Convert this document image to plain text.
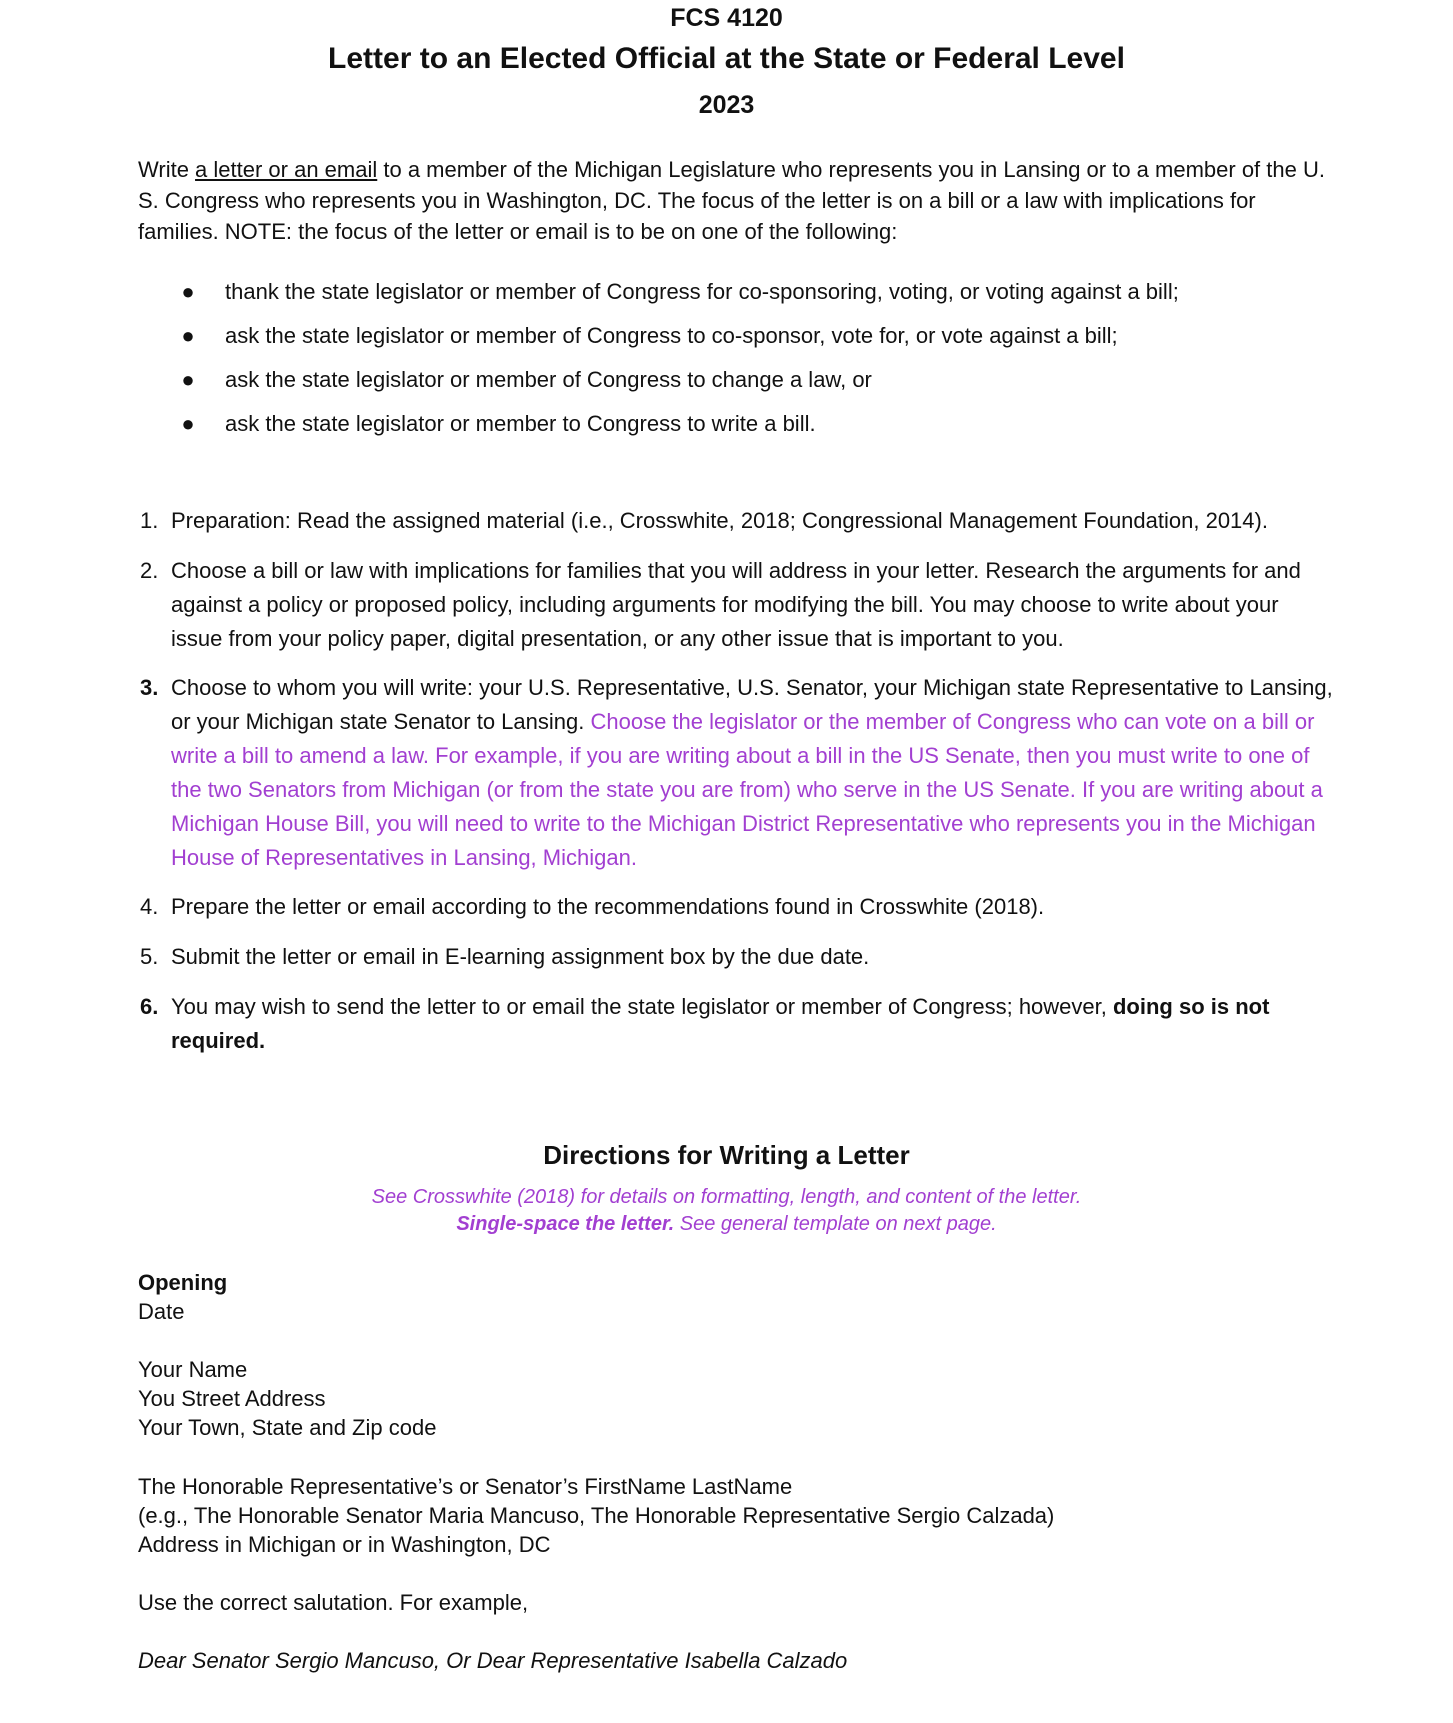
FCS 4120
Letter to an Elected Official at the State or Federal Level
2023

Write a letter or an email to a member of the Michigan Legislature who represents you in Lansing or to a member of the U. S. Congress who represents you in Washington, DC. The focus of the letter is on a bill or a law with implications for families. NOTE: the focus of the letter or email is to be on one of the following:

● thank the state legislator or member of Congress for co-sponsoring, voting, or voting against a bill;
● ask the state legislator or member of Congress to co-sponsor, vote for, or vote against a bill;
● ask the state legislator or member of Congress to change a law, or
● ask the state legislator or member to Congress to write a bill.
1. Preparation: Read the assigned material (i.e., Crosswhite, 2018; Congressional Management Foundation, 2014).
2. Choose a bill or law with implications for families that you will address in your letter. Research the arguments for and against a policy or proposed policy, including arguments for modifying the bill. You may choose to write about your issue from your policy paper, digital presentation, or any other issue that is important to you.
3. Choose to whom you will write: your U.S. Representative, U.S. Senator, your Michigan state Representative to Lansing, or your Michigan state Senator to Lansing. Choose the legislator or the member of Congress who can vote on a bill or write a bill to amend a law. For example, if you are writing about a bill in the US Senate, then you must write to one of the two Senators from Michigan (or from the state you are from) who serve in the US Senate. If you are writing about a Michigan House Bill, you will need to write to the Michigan District Representative who represents you in the Michigan House of Representatives in Lansing, Michigan.
4. Prepare the letter or email according to the recommendations found in Crosswhite (2018).
5. Submit the letter or email in E-learning assignment box by the due date.
6. You may wish to send the letter to or email the state legislator or member of Congress; however, doing so is not required.
Directions for Writing a Letter
See Crosswhite (2018) for details on formatting, length, and content of the letter.
Single-space the letter. See general template on next page.
Opening
Date
Your Name
You Street Address
Your Town, State and Zip code
The Honorable Representative’s or Senator’s FirstName LastName
(e.g., The Honorable Senator Maria Mancuso, The Honorable Representative Sergio Calzada)
Address in Michigan or in Washington, DC
Use the correct salutation. For example,
Dear Senator Sergio Mancuso, Or Dear Representative Isabella Calzado
